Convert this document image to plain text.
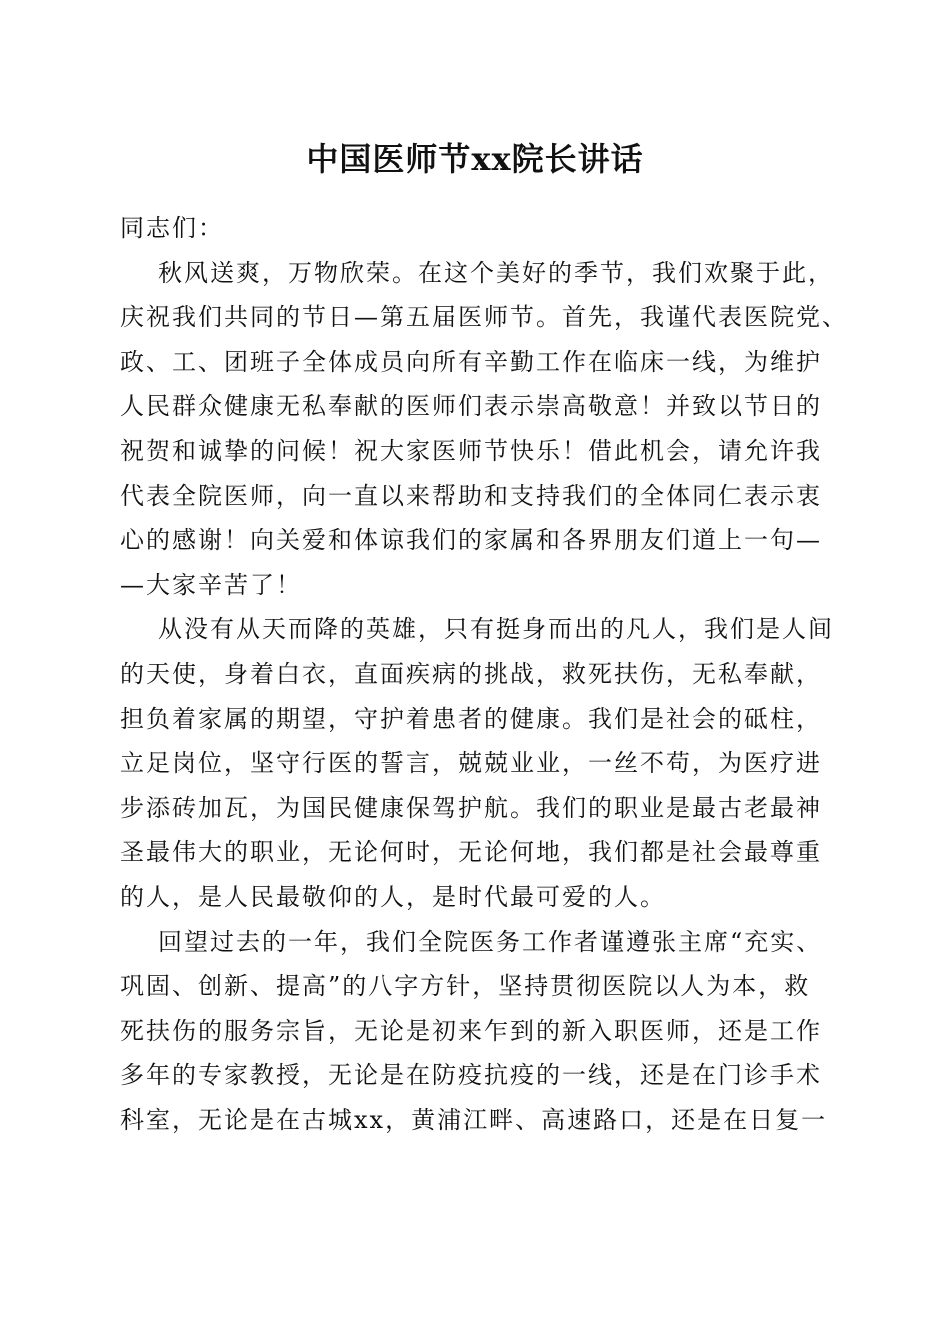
中国医师节xx院长讲话

同志们：

秋风送爽，万物欣荣。在这个美好的季节，我们欢聚于此，
庆祝我们共同的节日—第五届医师节。首先，我谨代表医院党、
政、工、团班子全体成员向所有辛勤工作在临床一线，为维护
人民群众健康无私奉献的医师们表示崇高敬意！并致以节日的
祝贺和诚挚的问候！祝大家医师节快乐！借此机会，请允许我
代表全院医师，向一直以来帮助和支持我们的全体同仁表示衷
心的感谢！向关爱和体谅我们的家属和各界朋友们道上一句—
—大家辛苦了！
从没有从天而降的英雄，只有挺身而出的凡人，我们是人间
的天使，身着白衣，直面疾病的挑战，救死扶伤，无私奉献，
担负着家属的期望，守护着患者的健康。我们是社会的砥柱，
立足岗位，坚守行医的誓言，兢兢业业，一丝不苟，为医疗进
步添砖加瓦，为国民健康保驾护航。我们的职业是最古老最神
圣最伟大的职业，无论何时，无论何地，我们都是社会最尊重
的人，是人民最敬仰的人，是时代最可爱的人。
回望过去的一年，我们全院医务工作者谨遵张主席“充实、
巩固、创新、提高”的八字方针，坚持贯彻医院以人为本，救
死扶伤的服务宗旨，无论是初来乍到的新入职医师，还是工作
多年的专家教授，无论是在防疫抗疫的一线，还是在门诊手术
科室，无论是在古城xx，黄浦江畔、高速路口，还是在日复一
